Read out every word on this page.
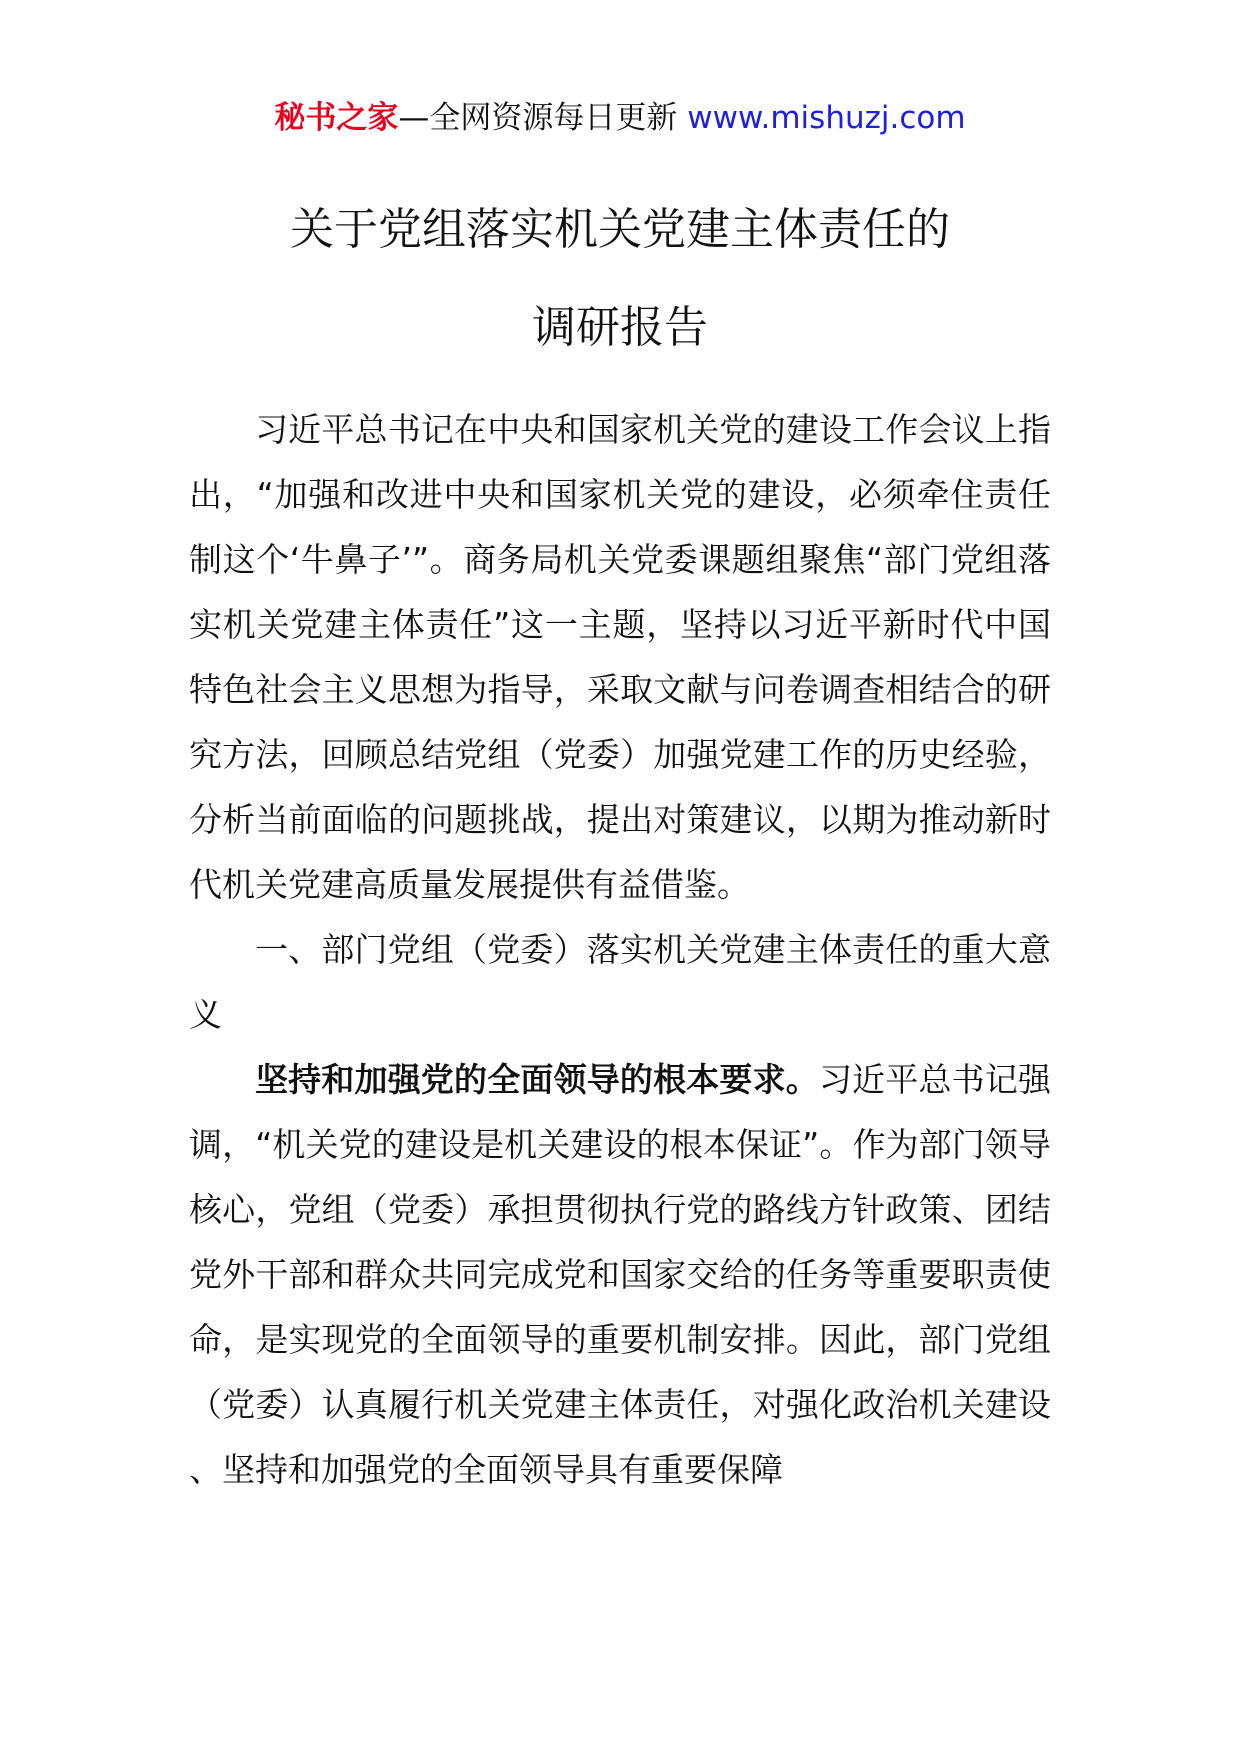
秘书之家—全网资源每日更新 www.mishuzj.com
关于党组落实机关党建主体责任的
调研报告

习近平总书记在中央和国家机关党的建设工作会议上指出，“加强和改进中央和国家机关党的建设，必须牵住责任制这个‘牛鼻子’”。商务局机关党委课题组聚焦“部门党组落实机关党建主体责任”这一主题，坚持以习近平新时代中国特色社会主义思想为指导，采取文献与问卷调查相结合的研究方法，回顾总结党组（党委）加强党建工作的历史经验，分析当前面临的问题挑战，提出对策建议，以期为推动新时代机关党建高质量发展提供有益借鉴。

一、部门党组（党委）落实机关党建主体责任的重大意义

坚持和加强党的全面领导的根本要求。习近平总书记强调，“机关党的建设是机关建设的根本保证”。作为部门领导核心，党组（党委）承担贯彻执行党的路线方针政策、团结党外干部和群众共同完成党和国家交给的任务等重要职责使命，是实现党的全面领导的重要机制安排。因此，部门党组（党委）认真履行机关党建主体责任，对强化政治机关建设、坚持和加强党的全面领导具有重要保障
